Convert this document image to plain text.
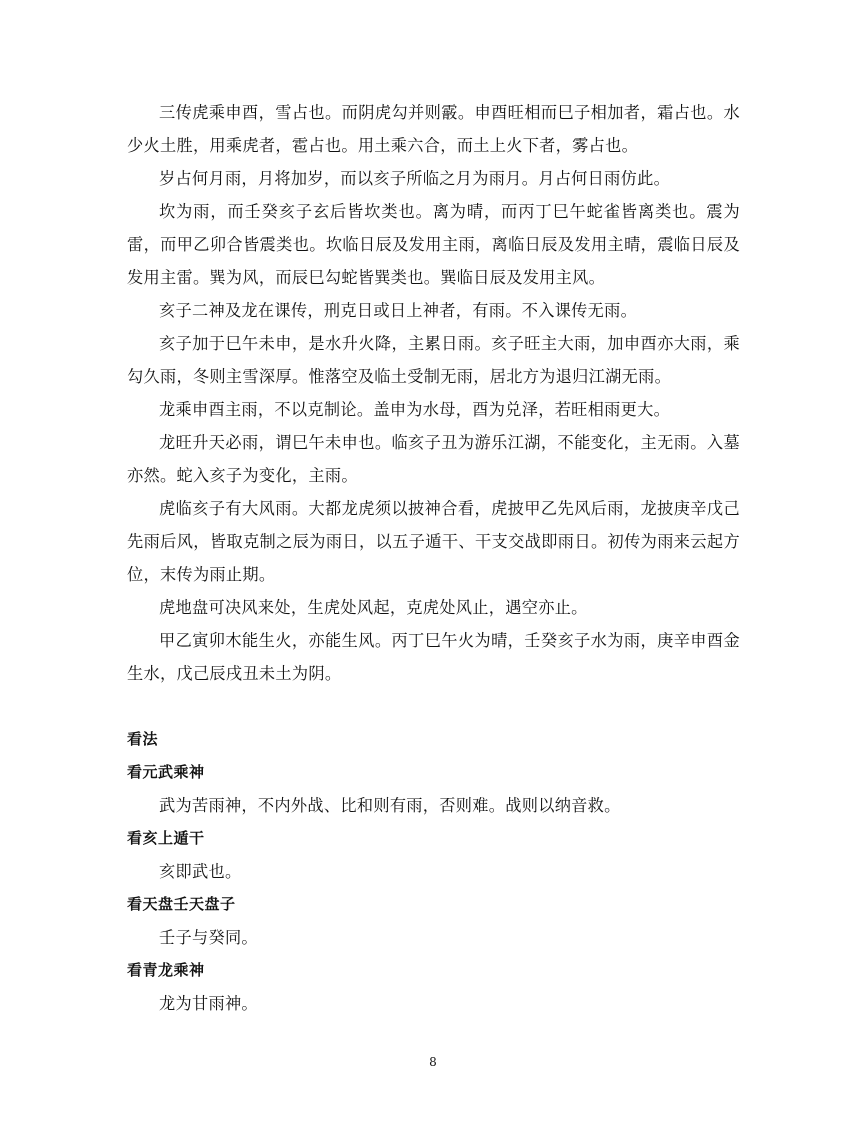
三传虎乘申酉，雪占也。而阴虎勾并则霰。申酉旺相而巳子相加者，霜占也。水少火土胜，用乘虎者，雹占也。用土乘六合，而土上火下者，雾占也。

岁占何月雨，月将加岁，而以亥子所临之月为雨月。月占何日雨仿此。

坎为雨，而壬癸亥子玄后皆坎类也。离为晴，而丙丁巳午蛇雀皆离类也。震为雷，而甲乙卯合皆震类也。坎临日辰及发用主雨，离临日辰及发用主晴，震临日辰及发用主雷。巽为风，而辰巳勾蛇皆巽类也。巽临日辰及发用主风。

亥子二神及龙在课传，刑克日或日上神者，有雨。不入课传无雨。

亥子加于巳午未申，是水升火降，主累日雨。亥子旺主大雨，加申酉亦大雨，乘勾久雨，冬则主雪深厚。惟落空及临土受制无雨，居北方为退归江湖无雨。

龙乘申酉主雨，不以克制论。盖申为水母，酉为兑泽，若旺相雨更大。

龙旺升天必雨，谓巳午未申也。临亥子丑为游乐江湖，不能变化，主无雨。入墓亦然。蛇入亥子为变化，主雨。

虎临亥子有大风雨。大都龙虎须以披神合看，虎披甲乙先风后雨，龙披庚辛戊己先雨后风，皆取克制之辰为雨日，以五子遁干、干支交战即雨日。初传为雨来云起方位，末传为雨止期。

虎地盘可决风来处，生虎处风起，克虎处风止，遇空亦止。

甲乙寅卯木能生火，亦能生风。丙丁巳午火为晴，壬癸亥子水为雨，庚辛申酉金生水，戊己辰戌丑未土为阴。

看法

看元武乘神

武为苦雨神，不内外战、比和则有雨，否则难。战则以纳音救。

看亥上遁干

亥即武也。

看天盘壬天盘子

壬子与癸同。

看青龙乘神

龙为甘雨神。

8
